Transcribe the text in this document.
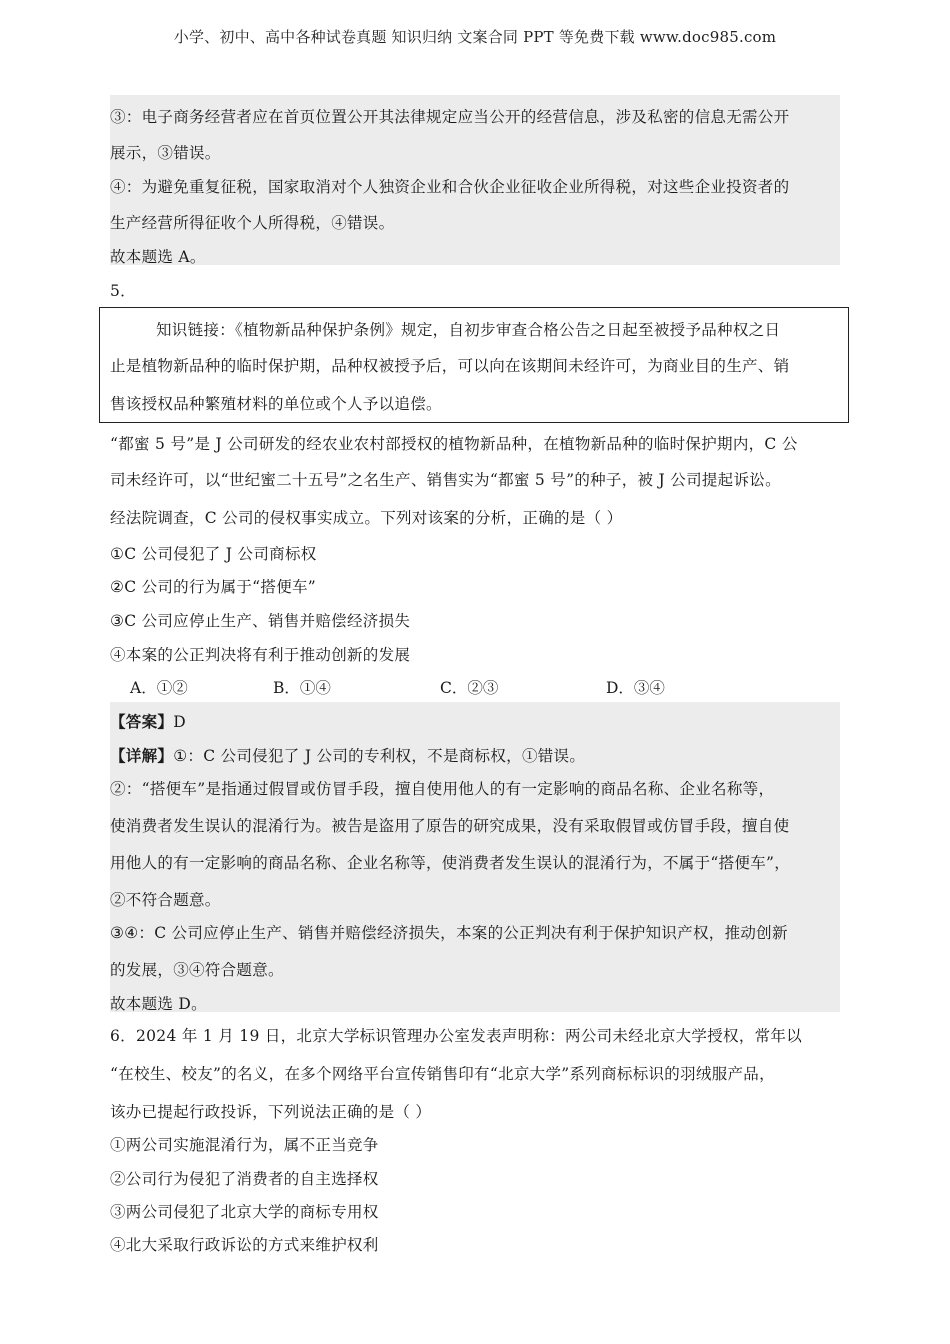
小学、初中、高中各种试卷真题 知识归纳 文案合同 PPT 等免费下载 www.doc985.com
③：电子商务经营者应在首页位置公开其法律规定应当公开的经营信息，涉及私密的信息无需公开
展示，③错误。
④：为避免重复征税，国家取消对个人独资企业和合伙企业征收企业所得税，对这些企业投资者的
生产经营所得征收个人所得税，④错误。
故本题选 A。
5．
知识链接：《植物新品种保护条例》规定，自初步审查合格公告之日起至被授予品种权之日
止是植物新品种的临时保护期，品种权被授予后，可以向在该期间未经许可，为商业目的生产、销
售该授权品种繁殖材料的单位或个人予以追偿。
“都蜜 5 号”是 J 公司研发的经农业农村部授权的植物新品种，在植物新品种的临时保护期内，C 公
司未经许可，以“世纪蜜二十五号”之名生产、销售实为“都蜜 5 号”的种子，被 J 公司提起诉讼。
经法院调查，C 公司的侵权事实成立。下列对该案的分析，正确的是（ ）
①C 公司侵犯了 J 公司商标权
②C 公司的行为属于“搭便车”
③C 公司应停止生产、销售并赔偿经济损失
④本案的公正判决将有利于推动创新的发展
A．①②	B．①④	C．②③	D．③④
【答案】D
【详解】①：C 公司侵犯了 J 公司的专利权，不是商标权，①错误。
②：“搭便车”是指通过假冒或仿冒手段，擅自使用他人的有一定影响的商品名称、企业名称等，
使消费者发生误认的混淆行为。被告是盗用了原告的研究成果，没有采取假冒或仿冒手段，擅自使
用他人的有一定影响的商品名称、企业名称等，使消费者发生误认的混淆行为，不属于“搭便车”，
②不符合题意。
③④：C 公司应停止生产、销售并赔偿经济损失，本案的公正判决有利于保护知识产权，推动创新
的发展，③④符合题意。
故本题选 D。
6．2024 年 1 月 19 日，北京大学标识管理办公室发表声明称：两公司未经北京大学授权，常年以
“在校生、校友”的名义，在多个网络平台宣传销售印有“北京大学”系列商标标识的羽绒服产品，
该办已提起行政投诉，下列说法正确的是（ ）
①两公司实施混淆行为，属不正当竞争
②公司行为侵犯了消费者的自主选择权
③两公司侵犯了北京大学的商标专用权
④北大采取行政诉讼的方式来维护权利
